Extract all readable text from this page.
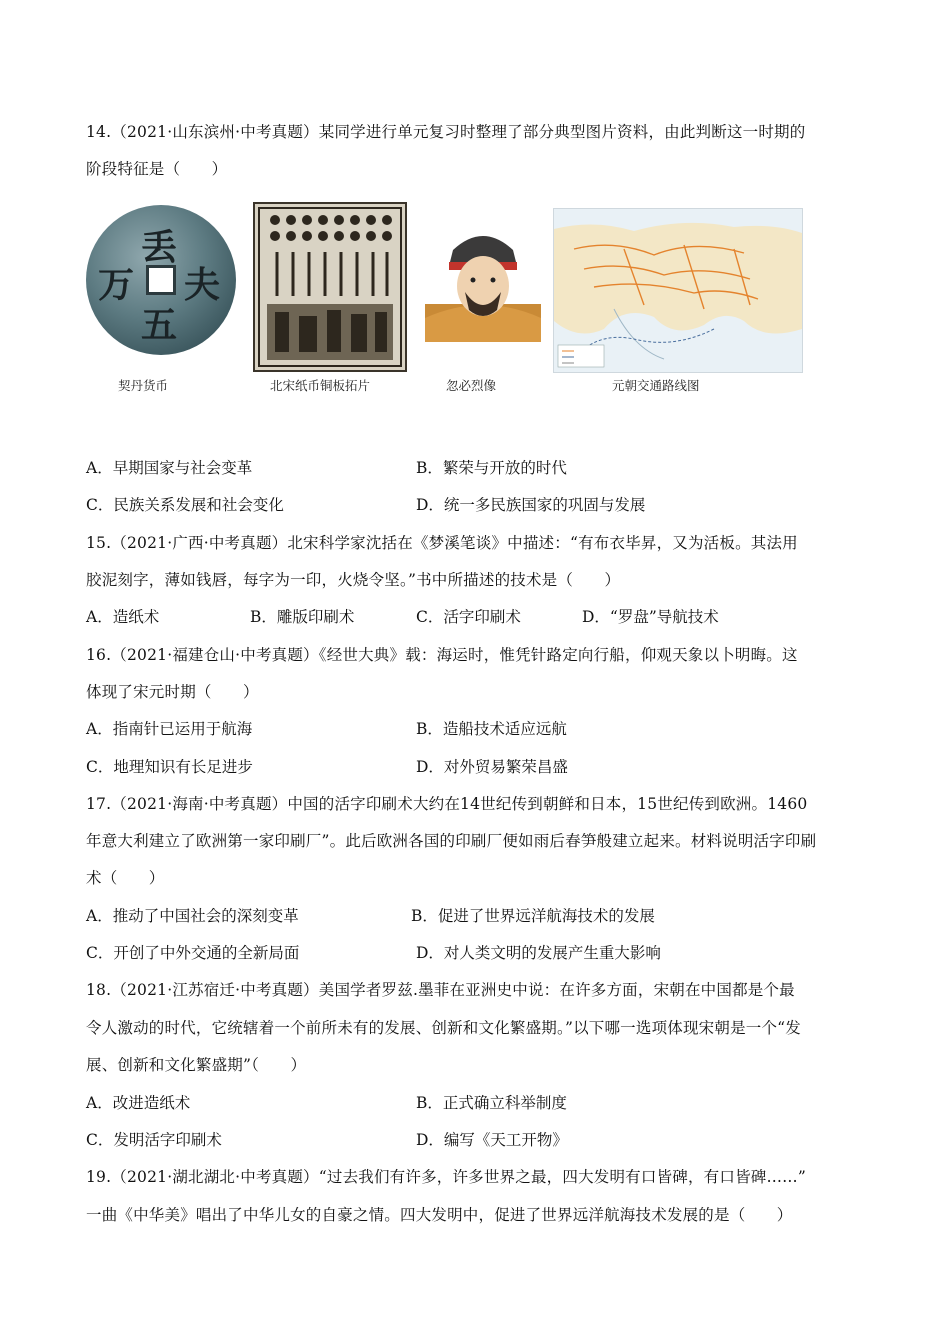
14.（2021·山东滨州·中考真题）某同学进行单元复习时整理了部分典型图片资料，由此判断这一时期的
阶段特征是（　　）
丢
夫
五
万
契丹货币	北宋纸币铜板拓片	忽必烈像	元朝交通路线图
A．早期国家与社会变革	B．繁荣与开放的时代
C．民族关系发展和社会变化	D．统一多民族国家的巩固与发展
15.（2021·广西·中考真题）北宋科学家沈括在《梦溪笔谈》中描述：“有布衣毕昇，又为活板。其法用
胶泥刻字，薄如钱唇，每字为一印，火烧令坚。”书中所描述的技术是（　　）
A．造纸术	B．雕版印刷术	C．活字印刷术	D．“罗盘”导航技术
16.（2021·福建仓山·中考真题）《经世大典》载：海运时，惟凭针路定向行船，仰观天象以卜明晦。这
体现了宋元时期（　　）
A．指南针已运用于航海	B．造船技术适应远航
C．地理知识有长足进步	D．对外贸易繁荣昌盛
17.（2021·海南·中考真题）中国的活字印刷术大约在14世纪传到朝鲜和日本，15世纪传到欧洲。1460
年意大利建立了欧洲第一家印刷厂”。此后欧洲各国的印刷厂便如雨后春笋般建立起来。材料说明活字印刷
术（　　）
A．推动了中国社会的深刻变革	B．促进了世界远洋航海技术的发展
C．开创了中外交通的全新局面	D．对人类文明的发展产生重大影响
18.（2021·江苏宿迁·中考真题）美国学者罗兹.墨菲在亚洲史中说：在许多方面，宋朝在中国都是个最
令人激动的时代，它统辖着一个前所未有的发展、创新和文化繁盛期。”以下哪一选项体现宋朝是一个“发
展、创新和文化繁盛期”（　　）
A．改进造纸术	B．正式确立科举制度
C．发明活字印刷术	D．编写《天工开物》
19.（2021·湖北湖北·中考真题）“过去我们有许多，许多世界之最，四大发明有口皆碑，有口皆碑……”
一曲《中华美》唱出了中华儿女的自豪之情。四大发明中，促进了世界远洋航海技术发展的是（　　）
